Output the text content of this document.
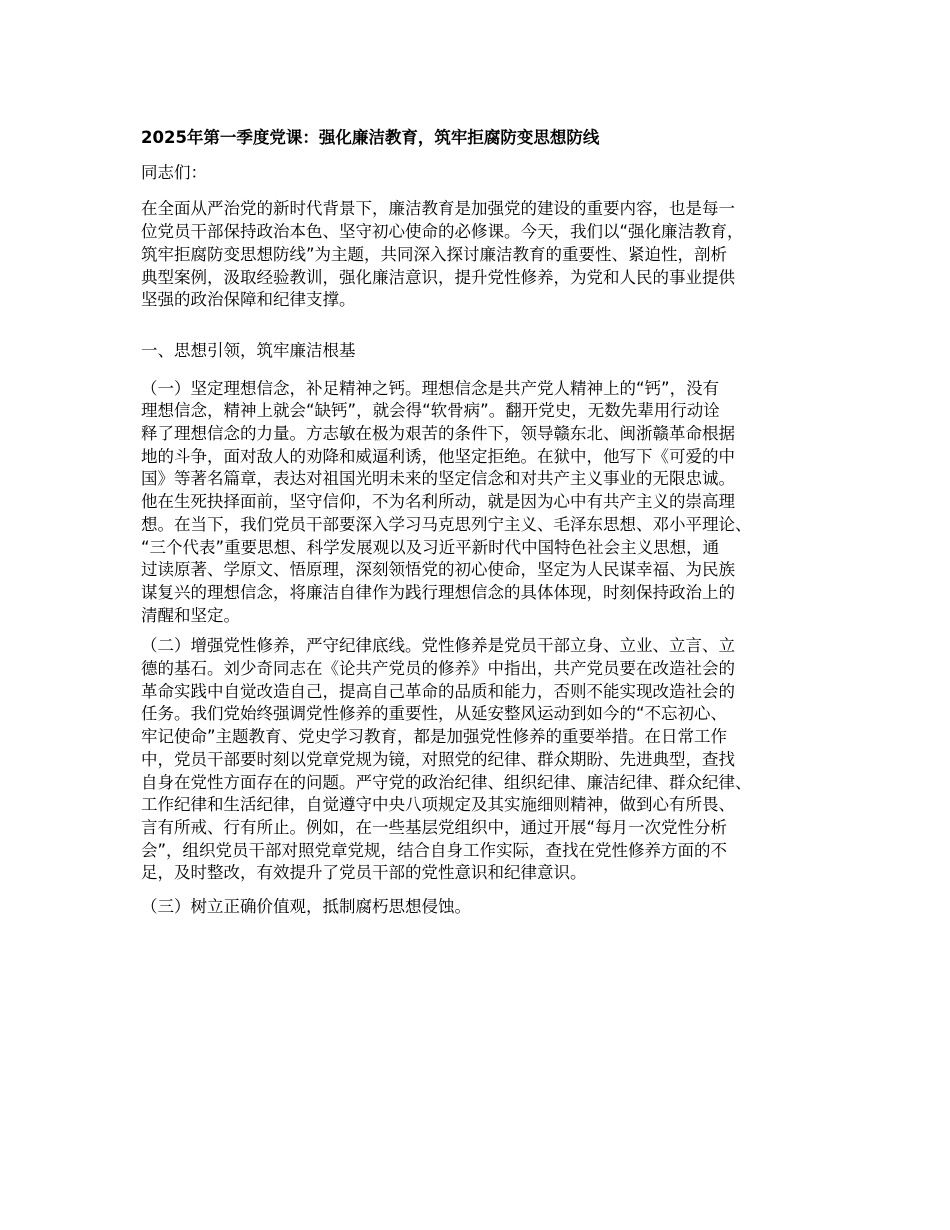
2025年第一季度党课：强化廉洁教育，筑牢拒腐防变思想防线

同志们：

在全面从严治党的新时代背景下，廉洁教育是加强党的建设的重要内容，也是每一
位党员干部保持政治本色、坚守初心使命的必修课。今天，我们以“强化廉洁教育，
筑牢拒腐防变思想防线”为主题，共同深入探讨廉洁教育的重要性、紧迫性，剖析
典型案例，汲取经验教训，强化廉洁意识，提升党性修养，为党和人民的事业提供
坚强的政治保障和纪律支撑。

一、思想引领，筑牢廉洁根基

（一）坚定理想信念，补足精神之钙。理想信念是共产党人精神上的“钙”，没有
理想信念，精神上就会“缺钙”，就会得“软骨病”。翻开党史，无数先辈用行动诠
释了理想信念的力量。方志敏在极为艰苦的条件下，领导赣东北、闽浙赣革命根据
地的斗争，面对敌人的劝降和威逼利诱，他坚定拒绝。在狱中，他写下《可爱的中
国》等著名篇章，表达对祖国光明未来的坚定信念和对共产主义事业的无限忠诚。
他在生死抉择面前，坚守信仰，不为名利所动，就是因为心中有共产主义的崇高理
想。在当下，我们党员干部要深入学习马克思列宁主义、毛泽东思想、邓小平理论、
“三个代表”重要思想、科学发展观以及习近平新时代中国特色社会主义思想，通
过读原著、学原文、悟原理，深刻领悟党的初心使命，坚定为人民谋幸福、为民族
谋复兴的理想信念，将廉洁自律作为践行理想信念的具体体现，时刻保持政治上的
清醒和坚定。

（二）增强党性修养，严守纪律底线。党性修养是党员干部立身、立业、立言、立
德的基石。刘少奇同志在《论共产党员的修养》中指出，共产党员要在改造社会的
革命实践中自觉改造自己，提高自己革命的品质和能力，否则不能实现改造社会的
任务。我们党始终强调党性修养的重要性，从延安整风运动到如今的“不忘初心、
牢记使命”主题教育、党史学习教育，都是加强党性修养的重要举措。在日常工作
中，党员干部要时刻以党章党规为镜，对照党的纪律、群众期盼、先进典型，查找
自身在党性方面存在的问题。严守党的政治纪律、组织纪律、廉洁纪律、群众纪律、
工作纪律和生活纪律，自觉遵守中央八项规定及其实施细则精神，做到心有所畏、
言有所戒、行有所止。例如，在一些基层党组织中，通过开展“每月一次党性分析
会”，组织党员干部对照党章党规，结合自身工作实际，查找在党性修养方面的不
足，及时整改，有效提升了党员干部的党性意识和纪律意识。

（三）树立正确价值观，抵制腐朽思想侵蚀。
